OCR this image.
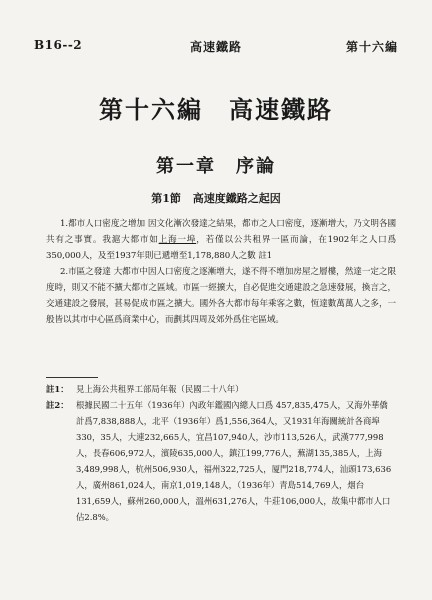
B16--2	高速鐵路	第十六編
第十六編　高速鐵路
第一章　序論
第1節 高速度鐵路之起因

1.都市人口密度之增加 因文化漸次發達之結果，都市之人口密度，逐漸增大，乃文明各國共有之事實。我滬大都市如上海一埠，若僅以公共租界一區而論，在1902年之人口爲350,000人，及至1937年則已遞增至1,178,880人之數 註1

2.市區之發達 大都市中因人口密度之逐漸增大，遂不得不增加房屋之層樓，然達一定之限度時，則又不能不擴大都市之區域。市區一經擴大，自必促進交通建設之急速發展，換言之，交通建設之發展，甚易促成市區之擴大。國外各大都市每年乘客之數，恆達數萬萬人之多，一般皆以其市中心區爲商業中心，而劃其四周及郊外爲住宅區域。

註1： 見上海公共租界工部局年報（民國二十八年）

註2： 根據民國二十五年（1936年）內政年鑑國內總人口爲 457,835,475人，又海外華僑計爲7,838,888人，北平（1936年）爲1,556,364人，又1931年海關統計各商埠330，35人，大連232,665人，宜昌107,940人，沙市113,526人，武漢777,998人，長春606,972人，濱陵635,000人，鎮江199,776人，蕪湖135,385人，上海3,489,998人，杭州506,930人，福州322,725人，厦門218,774人，汕頭173,636人，廣州861,024人，南京1,019,148人，（1936年）青島514,769人，烟台131,659人，蘇州260,000人，溫州631,276人，牛莊106,000人，故集中都市人口佔2.8%。
